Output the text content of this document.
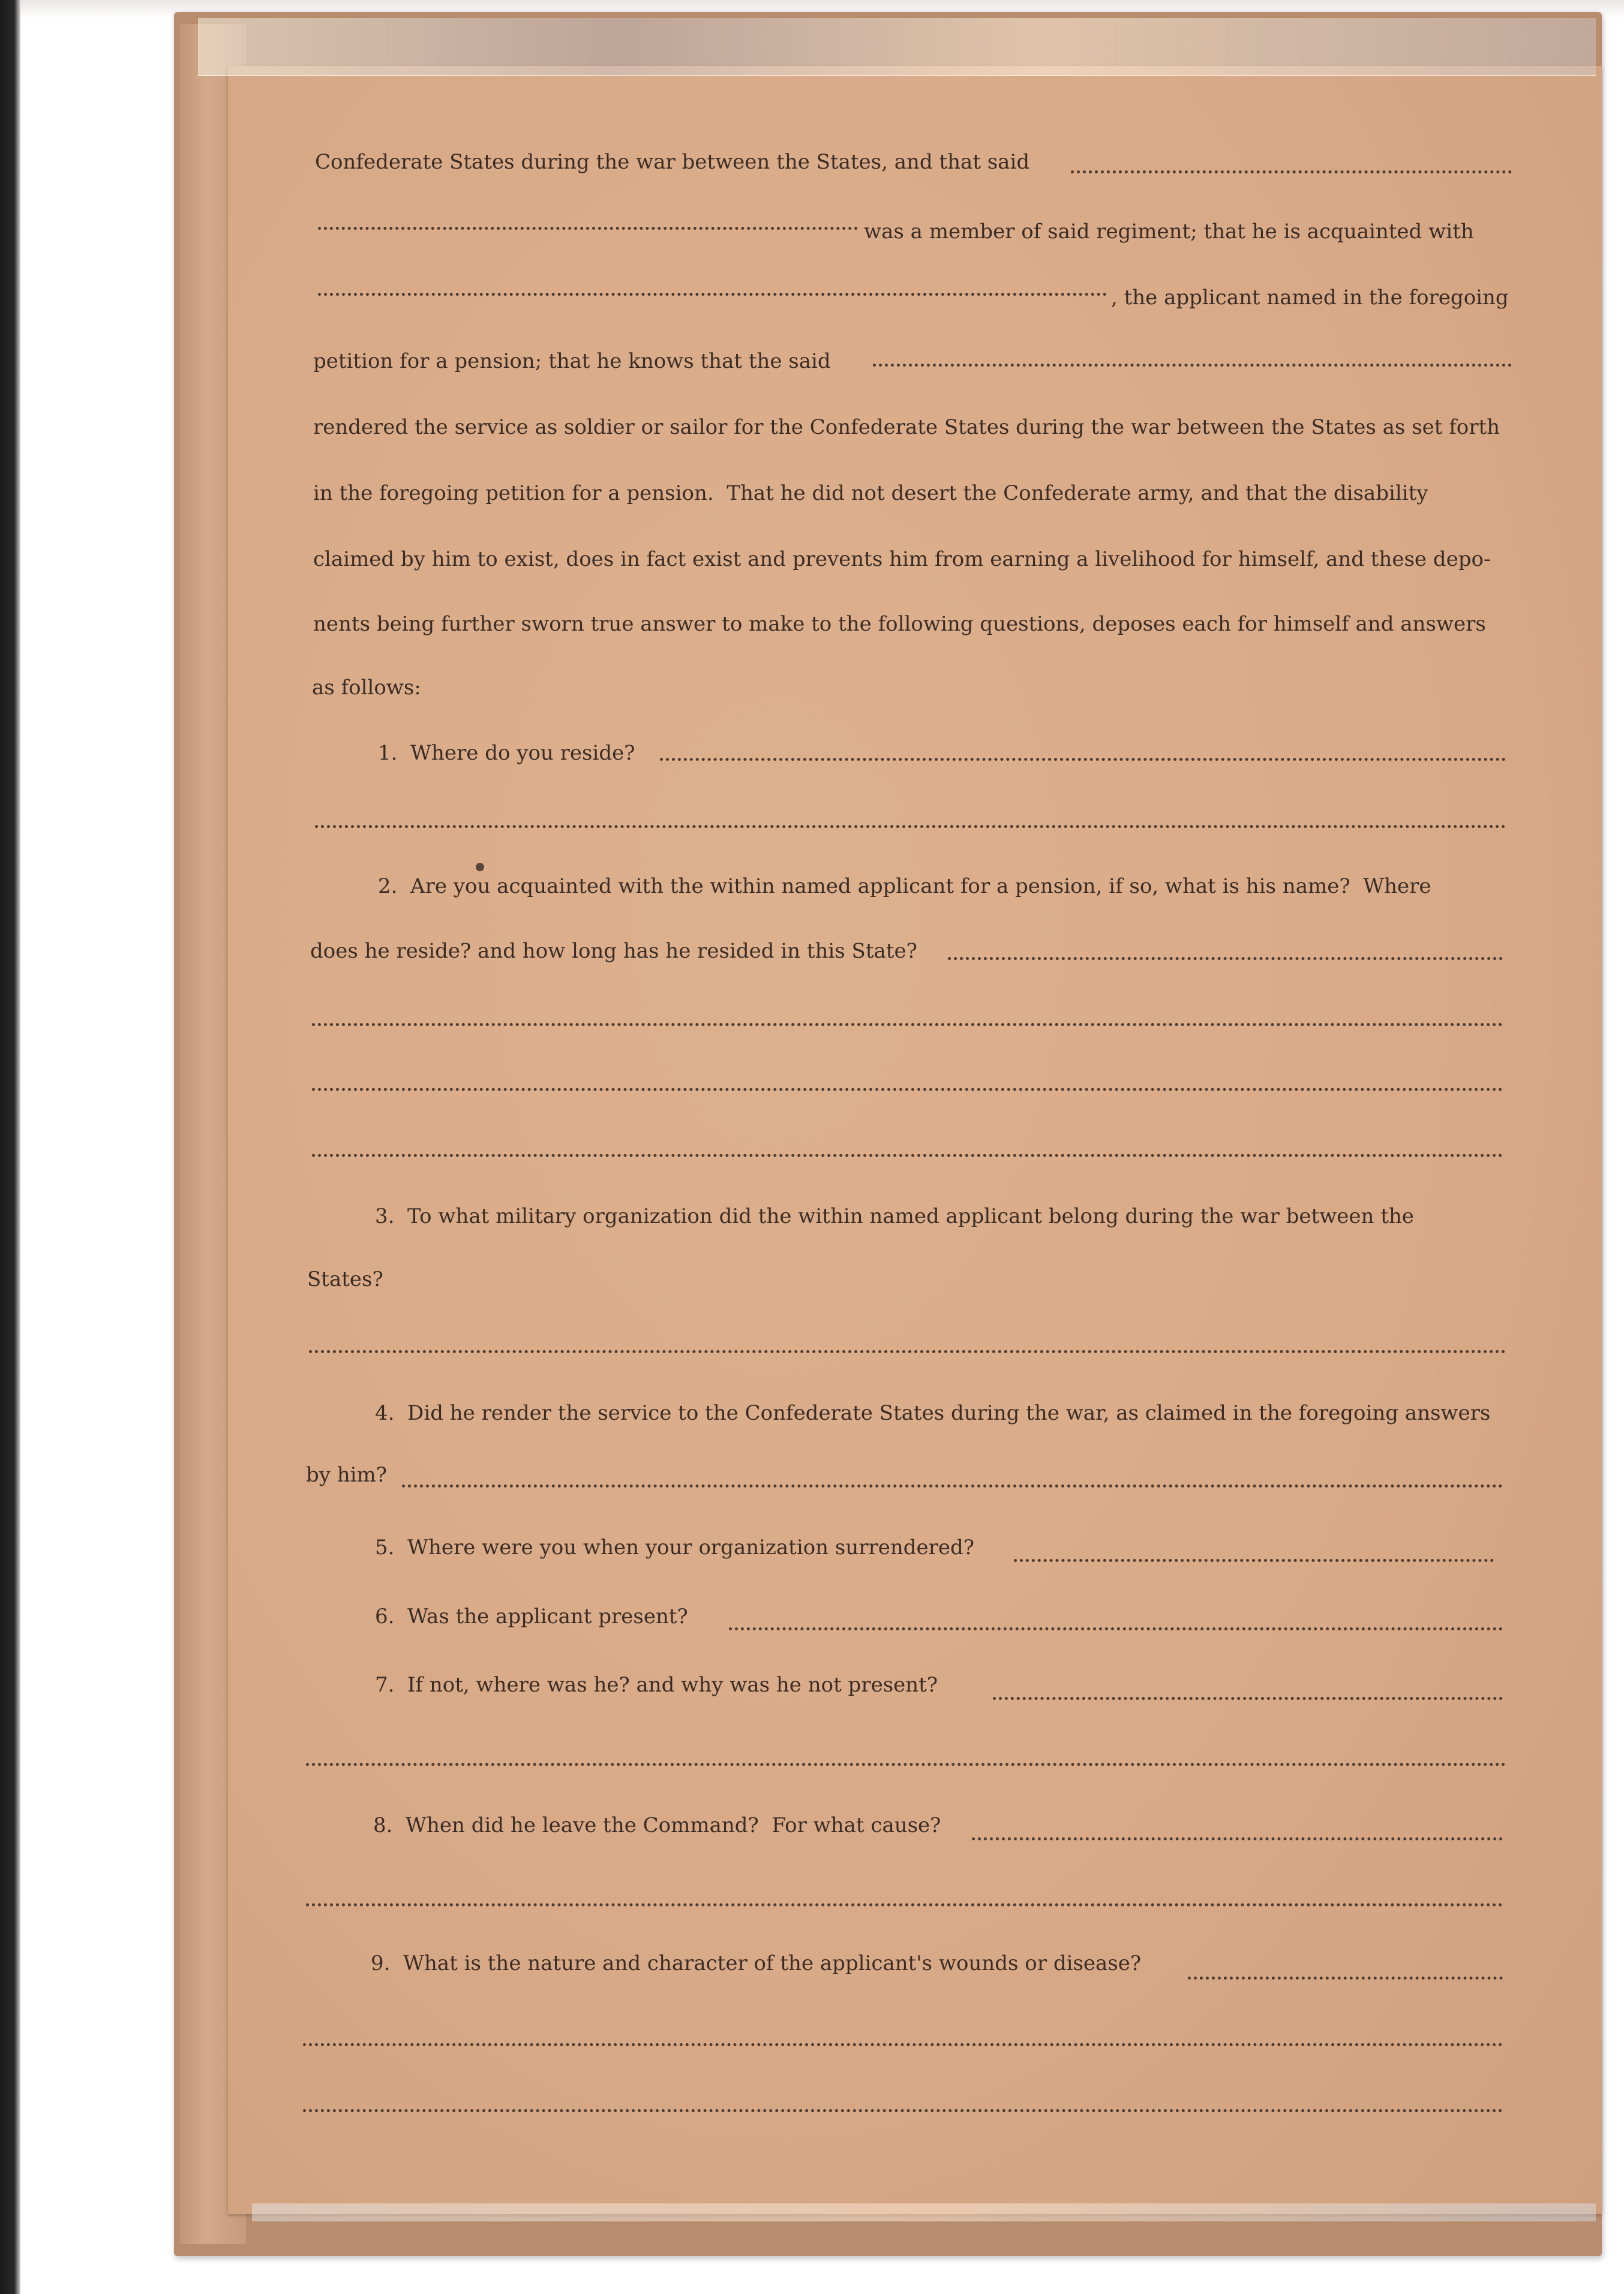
Confederate States during the war between the States, and that said
was a member of said regiment; that he is acquainted with
, the applicant named in the foregoing
petition for a pension; that he knows that the said
rendered the service as soldier or sailor for the Confederate States during the war between the States as set forth
in the foregoing petition for a pension.  That he did not desert the Confederate army, and that the disability
claimed by him to exist, does in fact exist and prevents him from earning a livelihood for himself, and these depo-
nents being further sworn true answer to make to the following questions, deposes each for himself and answers
as follows:
1.  Where do you reside?
2.  Are you acquainted with the within named applicant for a pension, if so, what is his name?  Where
does he reside? and how long has he resided in this State?
3.  To what military organization did the within named applicant belong during the war between the
States?
4.  Did he render the service to the Confederate States during the war, as claimed in the foregoing answers
by him?
5.  Where were you when your organization surrendered?
6.  Was the applicant present?
7.  If not, where was he? and why was he not present?
8.  When did he leave the Command?  For what cause?
9.  What is the nature and character of the applicant's wounds or disease?
